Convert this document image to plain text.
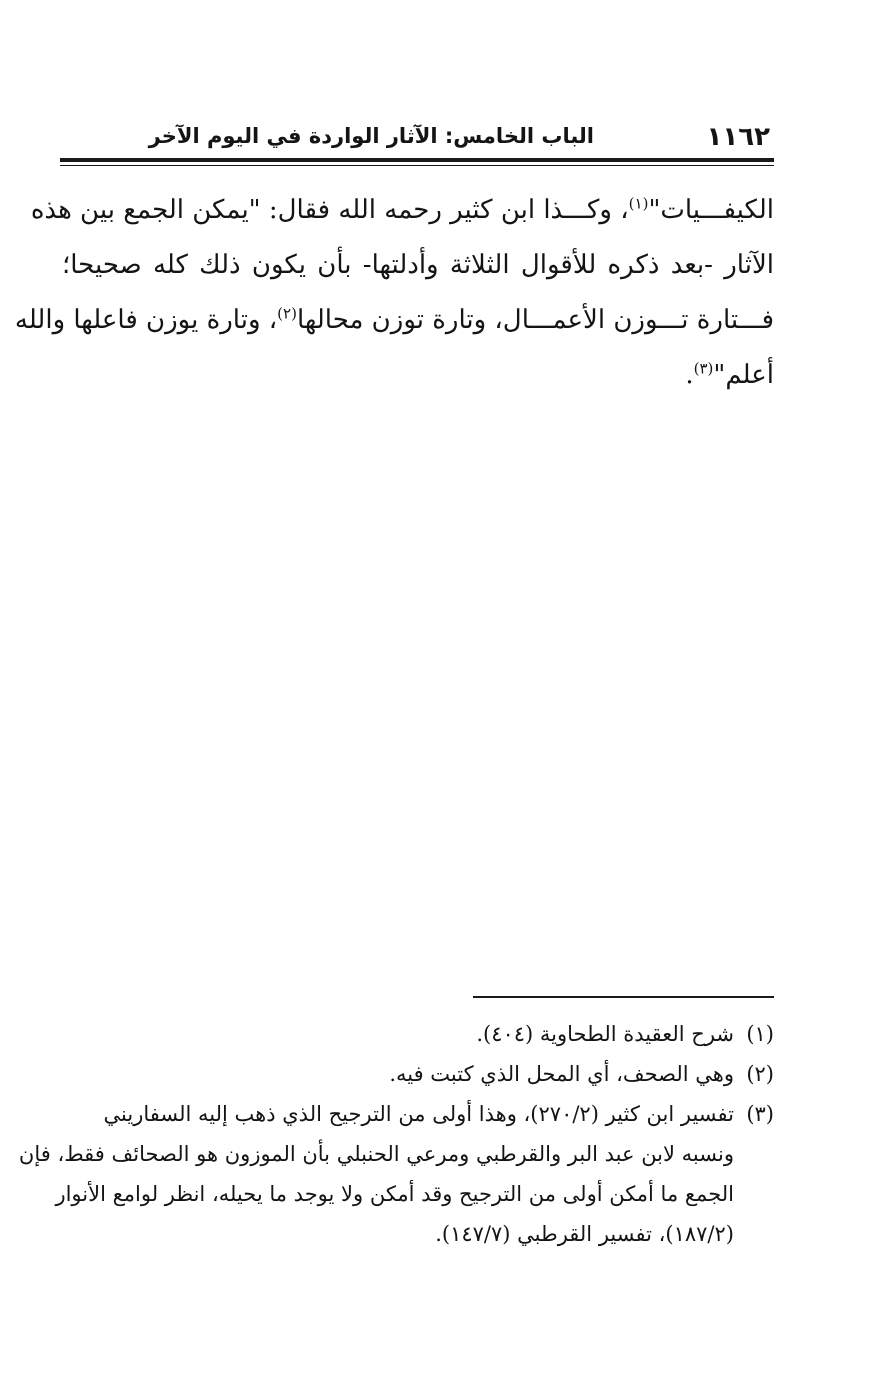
١١٦٢
الباب الخامس: الآثار الواردة في اليوم الآخر
الكيفـــيات"$^{(١)}$، وكـــذا ابن كثير رحمه الله فقال: "يمكن الجمع بين هذه
الآثار -بعد ذكره للأقوال الثلاثة وأدلتها- بأن يكون ذلك كله صحيحا؛
فـــتارة تـــوزن الأعمـــال، وتارة توزن محالها$^{(٢)}$، وتارة يوزن فاعلها والله
أعلم"$^{(٣)}$.

(١)شرح العقيدة الطحاوية (٤٠٤).

(٢)وهي الصحف، أي المحل الذي كتبت فيه.

(٣)تفسير ابن كثير (٢٧٠/٢)، وهذا أولى من الترجيح الذي ذهب إليه السفاريني
ونسبه لابن عبد البر والقرطبي ومرعي الحنبلي بأن الموزون هو الصحائف فقط، فإن
الجمع ما أمكن أولى من الترجيح وقد أمكن ولا يوجد ما يحيله، انظر لوامع الأنوار
(١٨٧/٢)، تفسير القرطبي (١٤٧/٧).
